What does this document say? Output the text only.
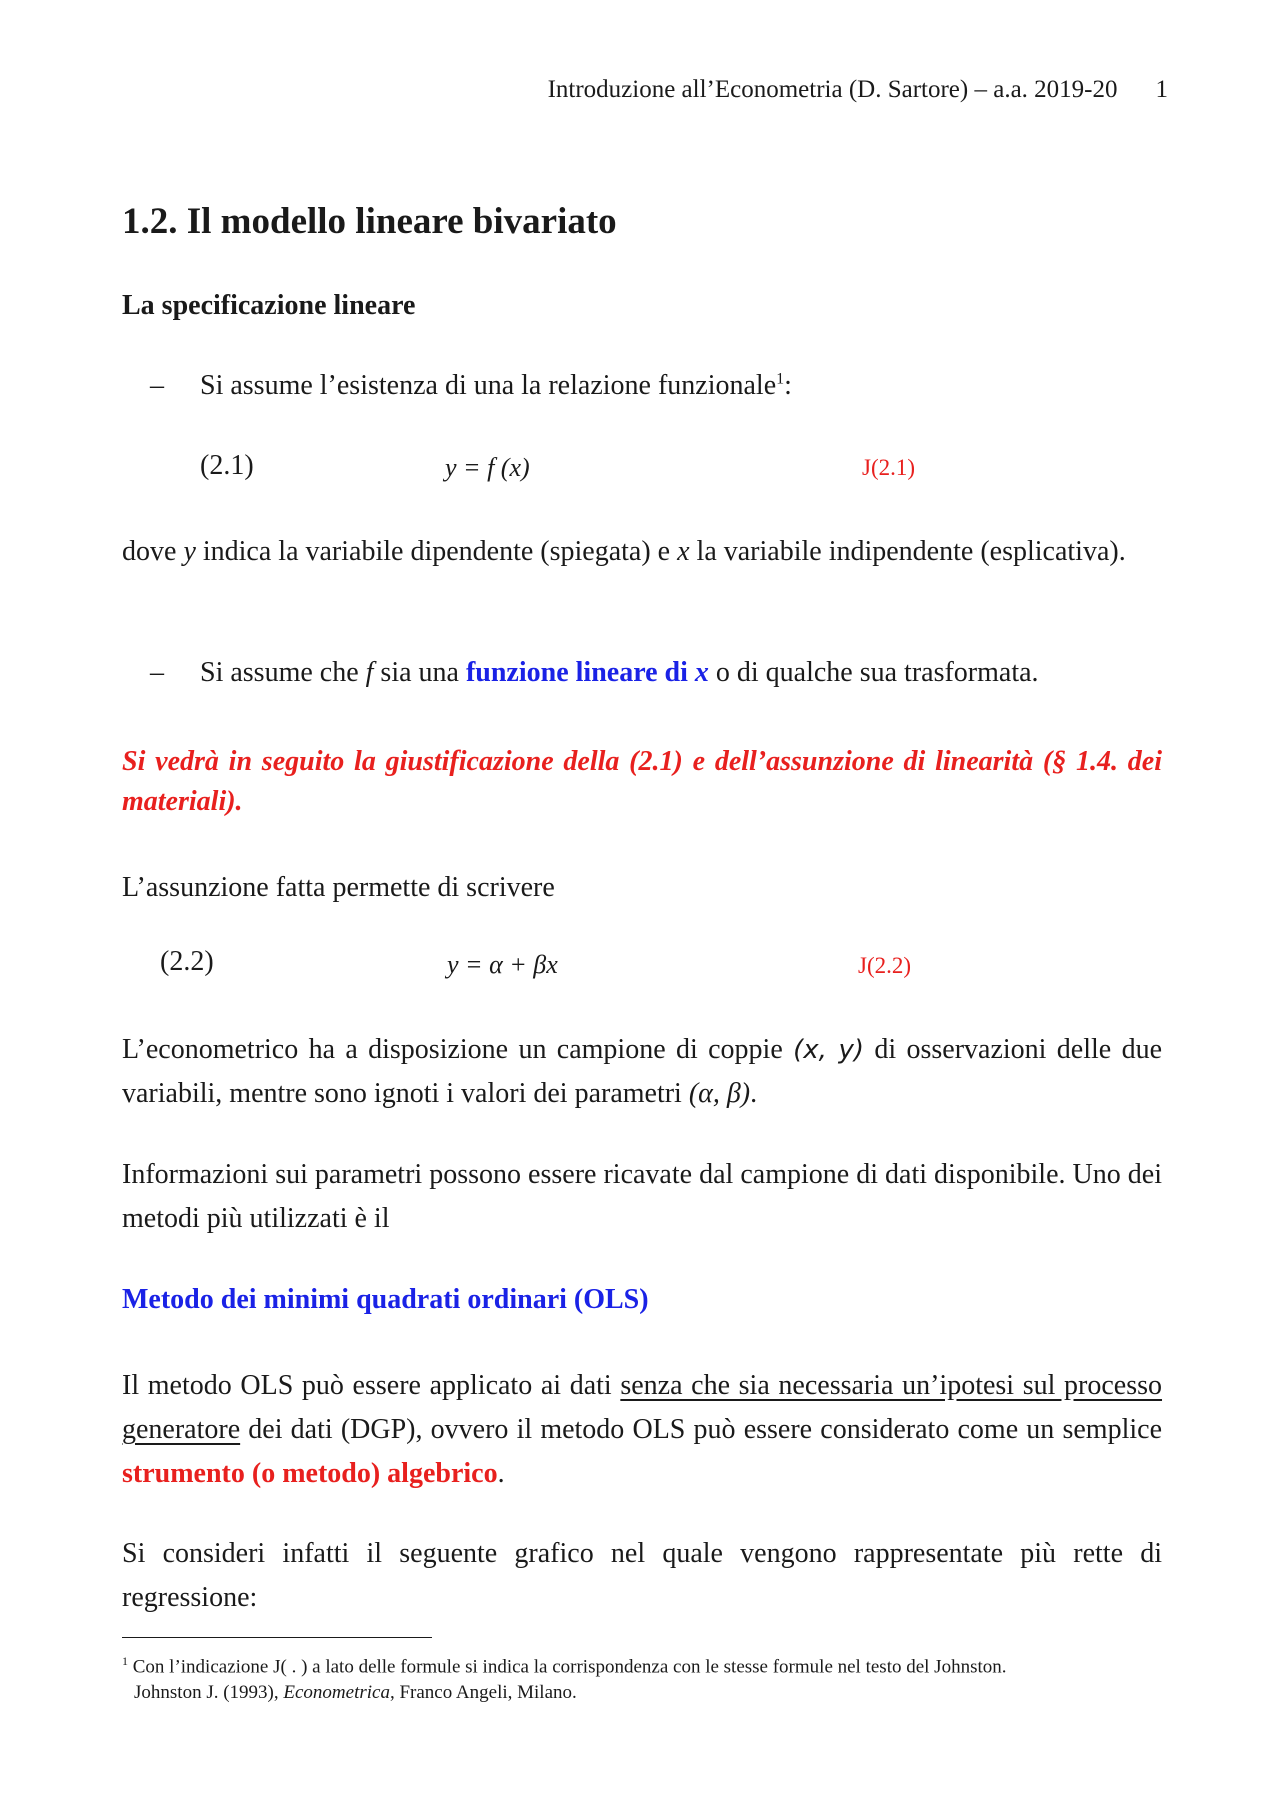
Introduzione all’Econometria (D. Sartore) – a.a. 2019-20 1
1.2. Il modello lineare bivariato
La specificazione lineare
– Si assume l’esistenza di una la relazione funzionale$^1$:
(2.1)	y = f (x)	J(2.1)
dove y indica la variabile dipendente (spiegata) e x la variabile indipendente (esplicativa).
– Si assume che f sia una funzione lineare di x o di qualche sua trasformata.
Si vedrà in seguito la giustificazione della (2.1) e dell’assunzione di linearità (§ 1.4. dei materiali).
L’assunzione fatta permette di scrivere
(2.2)	y = α + βx	J(2.2)
L’econometrico ha a disposizione un campione di coppie (x, y) di osservazioni delle due variabili, mentre sono ignoti i valori dei parametri (α, β).
Informazioni sui parametri possono essere ricavate dal campione di dati disponibile. Uno dei metodi più utilizzati è il
Metodo dei minimi quadrati ordinari (OLS)
Il metodo OLS può essere applicato ai dati senza che sia necessaria un’ipotesi sul processo generatore dei dati (DGP), ovvero il metodo OLS può essere considerato come un semplice strumento (o metodo) algebrico.
Si consideri infatti il seguente grafico nel quale vengono rappresentate più rette di regressione:
$^1$ Con l’indicazione J( . ) a lato delle formule si indica la corrispondenza con le stesse formule nel testo del Johnston.
Johnston J. (1993), Econometrica, Franco Angeli, Milano.
